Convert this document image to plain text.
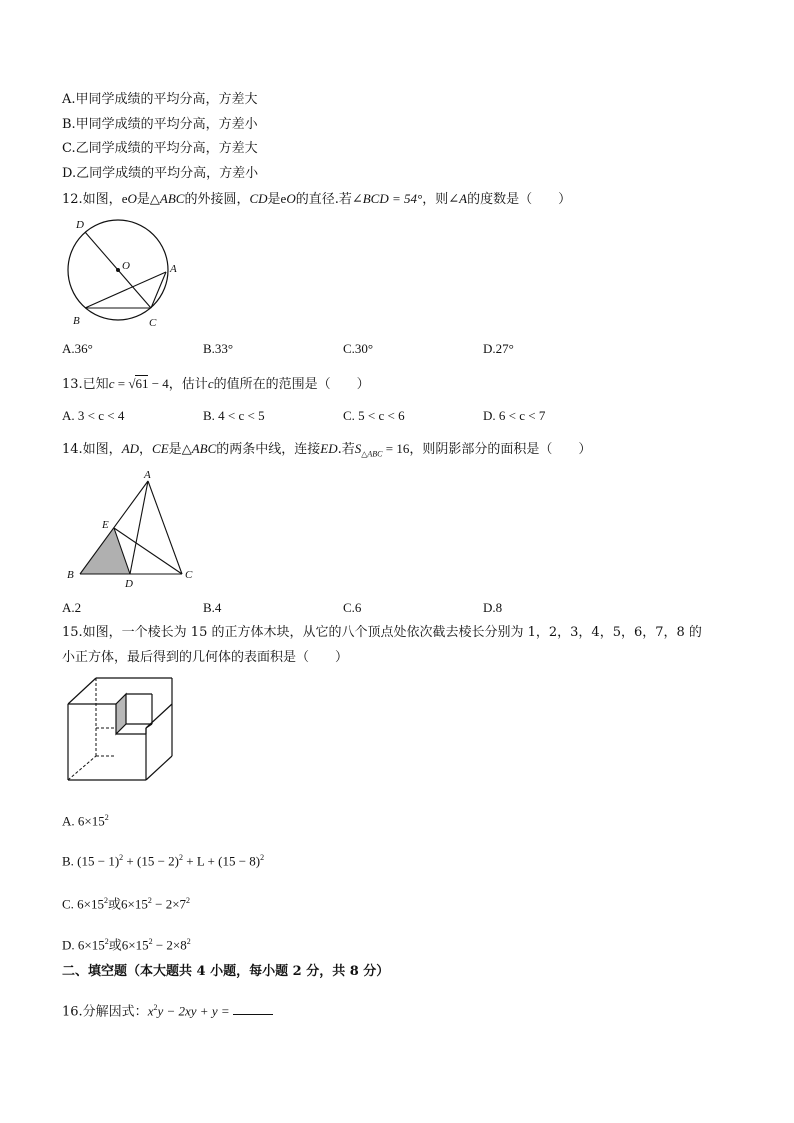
A.甲同学成绩的平均分高，方差大
B.甲同学成绩的平均分高，方差小
C.乙同学成绩的平均分高，方差大
D.乙同学成绩的平均分高，方差小
12.如图，eO是△ABC的外接圆，CD是eO的直径.若∠BCD = 54°，则∠A的度数是（　　）
D
O	A
B	C
A.36°	B.33°	C.30°	D.27°
13.已知c = √61 − 4，估计c的值所在的范围是（　　）
A. 3 < c < 4	B. 4 < c < 5	C. 5 < c < 6	D. 6 < c < 7
14.如图，AD，CE是△ABC的两条中线，连接ED.若$S_{\triangle ABC} = 16$，则阴影部分的面积是（　　）
A
E
B
D
C
A.2	B.4	C.6	D.8
15.如图，一个棱长为 15 的正方体木块，从它的八个顶点处依次截去棱长分别为 1，2，3，4，5，6，7，8 的
小正方体，最后得到的几何体的表面积是（　　）
A. $6\times 15^2$
B. $(15 - 1)^2 + (15 - 2)^2 + L + (15 - 8)^2$
C. $6\times 15^2$或$6\times 15^2 - 2\times 7^2$
D. $6\times 15^2$或$6\times 15^2 - 2\times 8^2$
二、填空题（本大题共 4 小题，每小题 2 分，共 8 分）
16.分解因式：$x^2y - 2xy + y$ =
